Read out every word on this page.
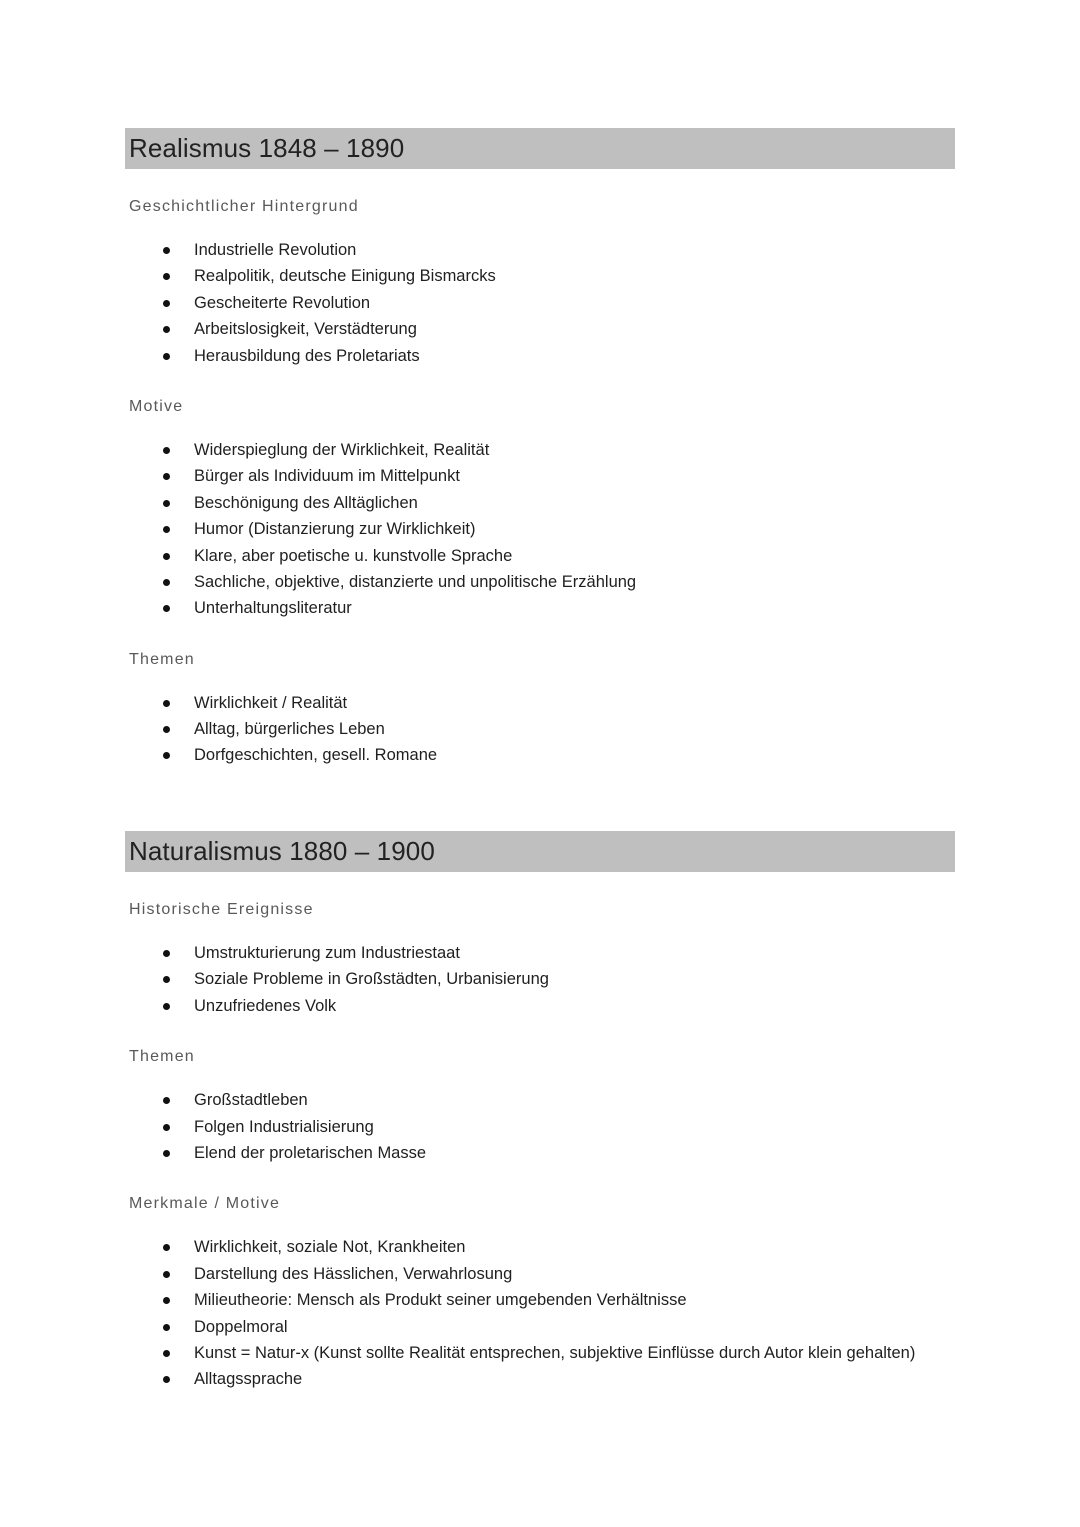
Realismus 1848 – 1890
Geschichtlicher Hintergrund
Industrielle Revolution
Realpolitik, deutsche Einigung Bismarcks
Gescheiterte Revolution
Arbeitslosigkeit, Verstädterung
Herausbildung des Proletariats
Motive
Widerspieglung der Wirklichkeit, Realität
Bürger als Individuum im Mittelpunkt
Beschönigung des Alltäglichen
Humor (Distanzierung zur Wirklichkeit)
Klare, aber poetische u. kunstvolle Sprache
Sachliche, objektive, distanzierte und unpolitische Erzählung
Unterhaltungsliteratur
Themen
Wirklichkeit / Realität
Alltag, bürgerliches Leben
Dorfgeschichten, gesell. Romane
Naturalismus 1880 – 1900
Historische Ereignisse
Umstrukturierung zum Industriestaat
Soziale Probleme in Großstädten, Urbanisierung
Unzufriedenes Volk
Themen
Großstadtleben
Folgen Industrialisierung
Elend der proletarischen Masse
Merkmale / Motive
Wirklichkeit, soziale Not, Krankheiten
Darstellung des Hässlichen, Verwahrlosung
Milieutheorie: Mensch als Produkt seiner umgebenden Verhältnisse
Doppelmoral
Kunst = Natur-x (Kunst sollte Realität entsprechen, subjektive Einflüsse durch Autor klein gehalten)
Alltagssprache
